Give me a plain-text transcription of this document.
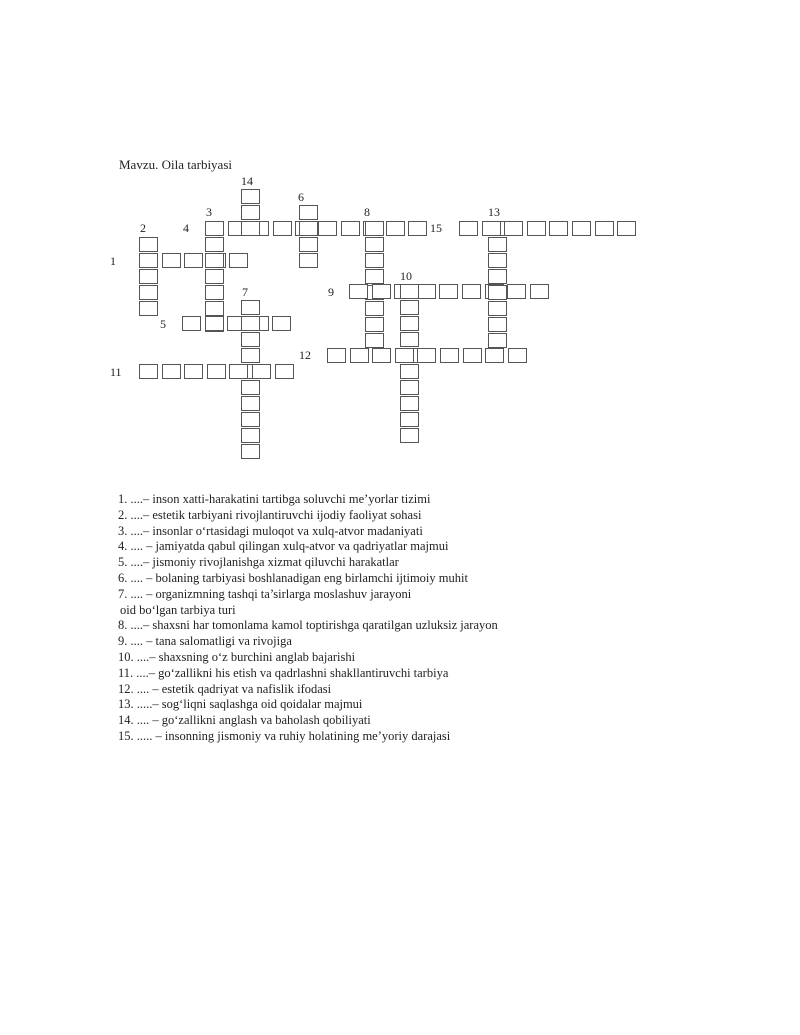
Mavzu. Oila tarbiyasi
1
2
3
4
5
6
7
8
9
10
11
12
13
14
15
1. ....– inson xatti-harakatini tartibga soluvchi me’yorlar tizimi
2. ....– estetik tarbiyani rivojlantiruvchi ijodiy faoliyat sohasi
3. ....– insonlar o‘rtasidagi muloqot va xulq-atvor madaniyati
4. .... – jamiyatda qabul qilingan xulq-atvor va qadriyatlar majmui
5. ....– jismoniy rivojlanishga xizmat qiluvchi harakatlar
6. .... – bolaning tarbiyasi boshlanadigan eng birlamchi ijtimoiy muhit
7. .... – organizmning tashqi ta’sirlarga moslashuv jarayoni
oid bo‘lgan tarbiya turi
8. ....– shaxsni har tomonlama kamol toptirishga qaratilgan uzluksiz jarayon
9. .... – tana salomatligi va rivojiga
10. ....– shaxsning o‘z burchini anglab bajarishi
11. ....– go‘zallikni his etish va qadrlashni shakllantiruvchi tarbiya
12. .... – estetik qadriyat va nafislik ifodasi
13. .....– sog‘liqni saqlashga oid qoidalar majmui
14. .... – go‘zallikni anglash va baholash qobiliyati
15. ..... – insonning jismoniy va ruhiy holatining me’yoriy darajasi
